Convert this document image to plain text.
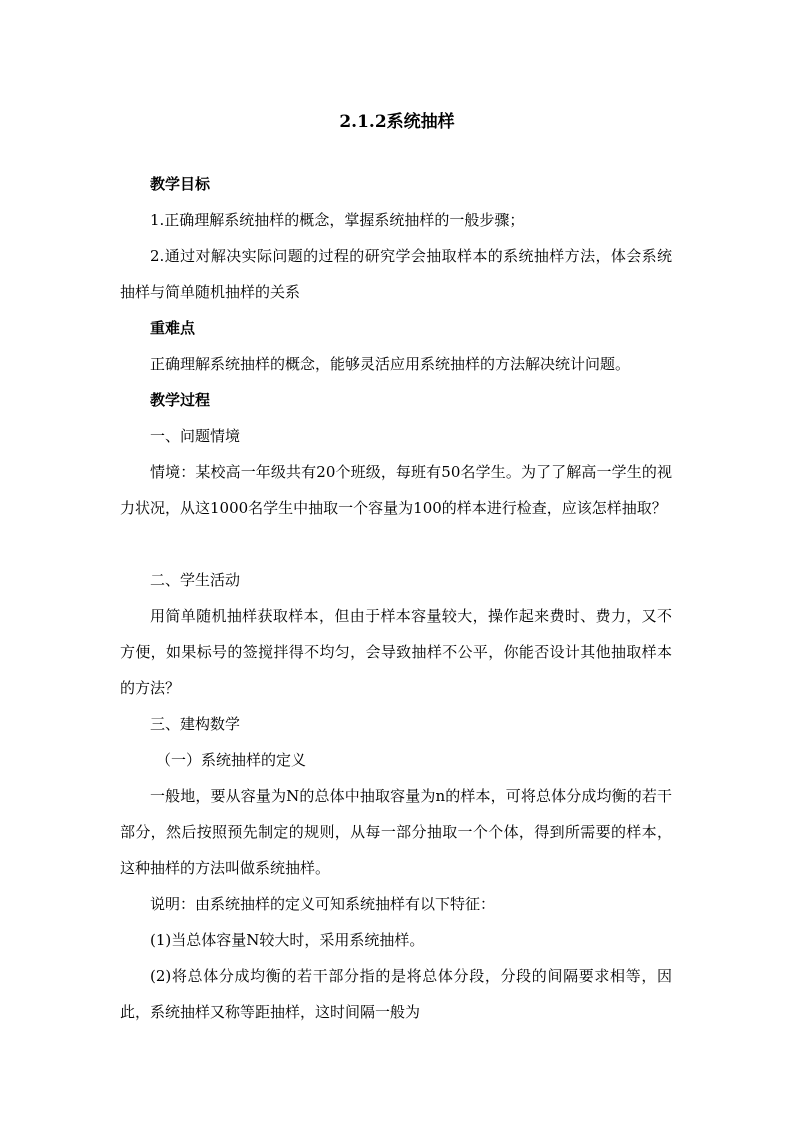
2.1.2系统抽样

教学目标

1.正确理解系统抽样的概念，掌握系统抽样的一般步骤；

2.通过对解决实际问题的过程的研究学会抽取样本的系统抽样方法，体会系统抽样与简单随机抽样的关系

重难点

正确理解系统抽样的概念，能够灵活应用系统抽样的方法解决统计问题。

教学过程

一、问题情境

情境：某校高一年级共有20个班级，每班有50名学生。为了了解高一学生的视力状况，从这1000名学生中抽取一个容量为100的样本进行检查，应该怎样抽取？

二、学生活动

用简单随机抽样获取样本，但由于样本容量较大，操作起来费时、费力，又不方便，如果标号的签搅拌得不均匀，会导致抽样不公平，你能否设计其他抽取样本的方法？

三、建构数学

（一）系统抽样的定义

一般地，要从容量为N的总体中抽取容量为n的样本，可将总体分成均衡的若干部分，然后按照预先制定的规则，从每一部分抽取一个个体，得到所需要的样本，这种抽样的方法叫做系统抽样。

说明：由系统抽样的定义可知系统抽样有以下特征：

(1)当总体容量N较大时，采用系统抽样。

(2)将总体分成均衡的若干部分指的是将总体分段，分段的间隔要求相等，因此，系统抽样又称等距抽样，这时间隔一般为
